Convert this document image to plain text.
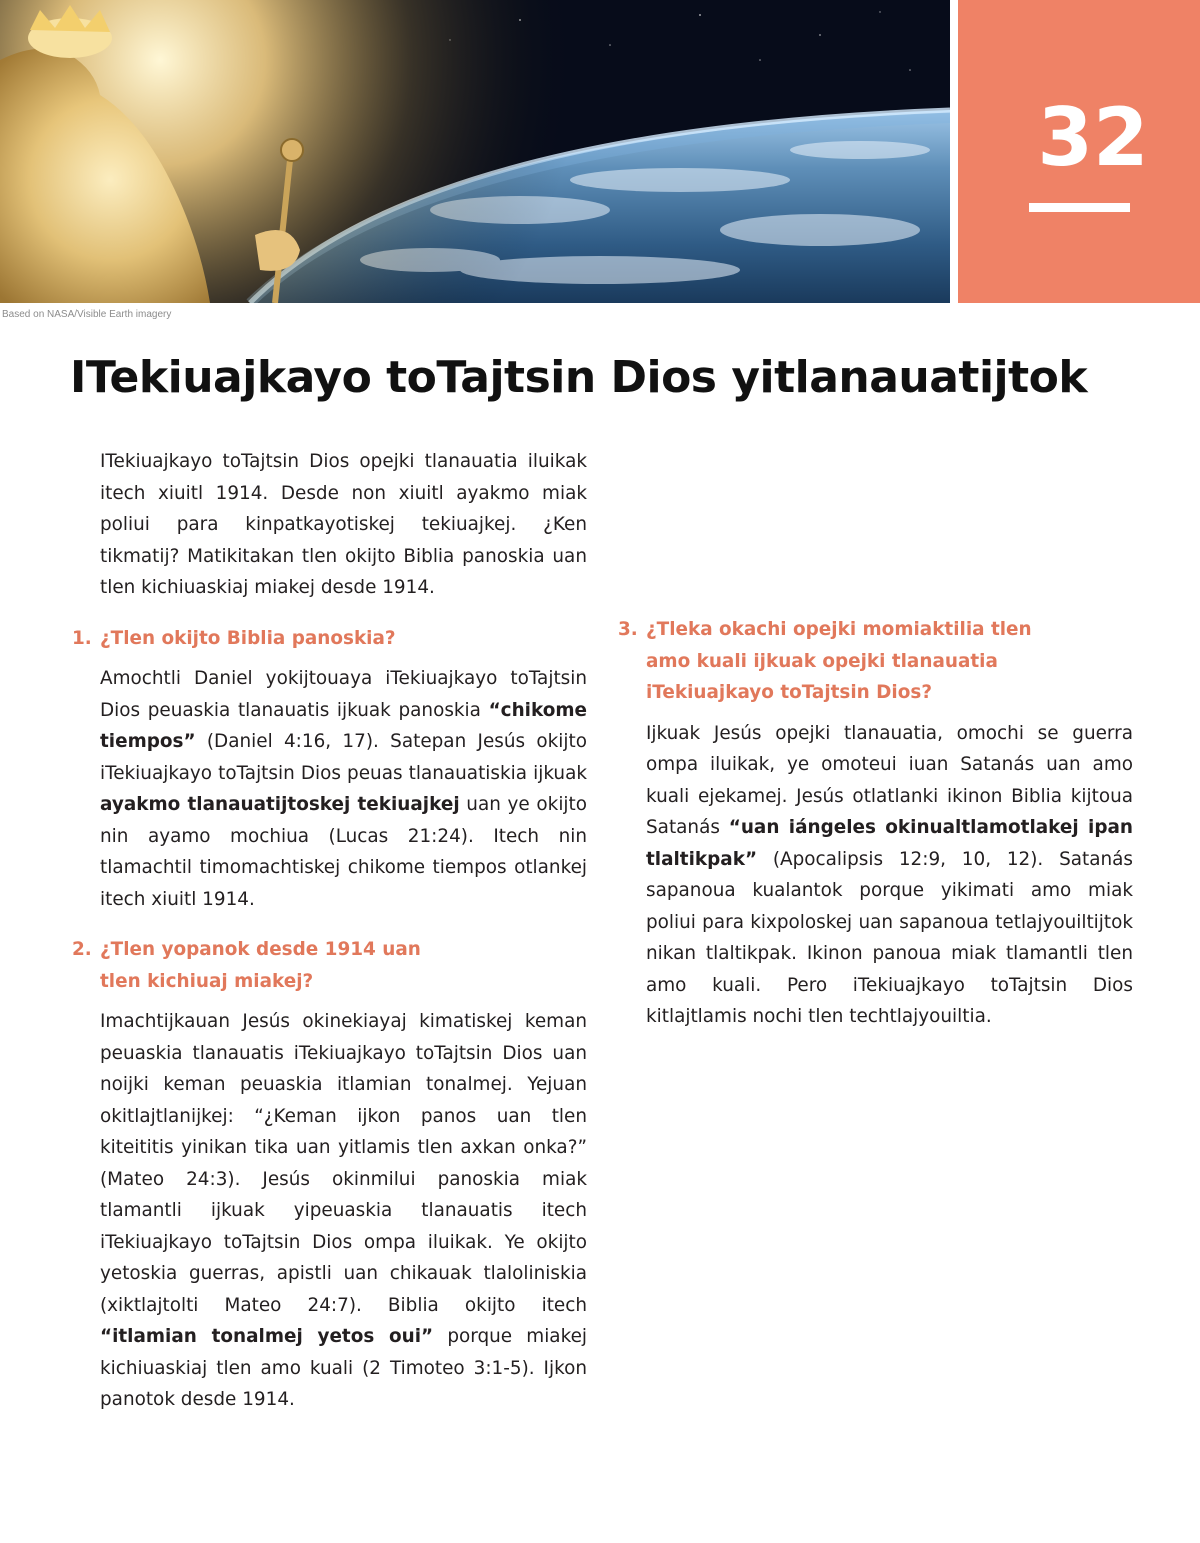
Based on NASA/Visible Earth imagery
32
ITekiuajkayo toTajtsin Dios yitlanauatijtok

ITekiuajkayo toTajtsin Dios opejki tlanauatia iluikak itech xiuitl 1914. Desde non xiuitl ayakmo miak poliui para kinpatkayotiskej tekiuajkej. ¿Ken tikmatij? Matikitakan tlen okijto Biblia panoskia uan tlen kichiuaskiaj miakej desde 1914.

1. ¿Tlen okijto Biblia panoskia?

Amochtli Daniel yokijtouaya iTekiuajkayo toTajtsin Dios peuaskia tlanauatis ijkuak panoskia “chikome tiempos” (Daniel 4:16, 17). Satepan Jesús okijto iTekiuajkayo toTajtsin Dios peuas tlanauatiskia ijkuak ayakmo tlanauatijtoskej tekiuajkej uan ye okijto nin ayamo mochiua (Lucas 21:24). Itech nin tlamachtil timomachtiskej chikome tiempos otlankej itech xiuitl 1914.

2. ¿Tlen yopanok desde 1914 uan tlen kichiuaj miakej?

Imachtijkauan Jesús okinekiayaj kimatiskej keman peuaskia tlanauatis iTekiuajkayo toTajtsin Dios uan noijki keman peuaskia itlamian tonalmej. Yejuan okitlajtlanijkej: “¿Keman ijkon panos uan tlen kiteititis yinikan tika uan yitlamis tlen axkan onka?” (Mateo 24:3). Jesús okinmilui panoskia miak tlamantli ijkuak yipeuaskia tlanauatis itech iTekiuajkayo toTajtsin Dios ompa iluikak. Ye okijto yetoskia guerras, apistli uan chikauak tlaloliniskia (xiktlajtolti Mateo 24:7). Biblia okijto itech “itlamian tonalmej yetos oui” porque miakej kichiuaskiaj tlen amo kuali (2 Timoteo 3:1-5). Ijkon panotok desde 1914.

3. ¿Tleka okachi opejki momiaktilia tlen amo kuali ijkuak opejki tlanauatia iTekiuajkayo toTajtsin Dios?

Ijkuak Jesús opejki tlanauatia, omochi se guerra ompa iluikak, ye omoteui iuan Satanás uan amo kuali ejekamej. Jesús otlatlanki ikinon Biblia kijtoua Satanás “uan iángeles okinualtlamotlakej ipan tlaltikpak” (Apocalipsis 12:9, 10, 12). Satanás sapanoua kualantok porque yikimati amo miak poliui para kixpoloskej uan sapanoua tetlajyouiltijtok nikan tlaltikpak. Ikinon panoua miak tlamantli tlen amo kuali. Pero iTekiuajkayo toTajtsin Dios kitlajtlamis nochi tlen techtlajyouiltia.
